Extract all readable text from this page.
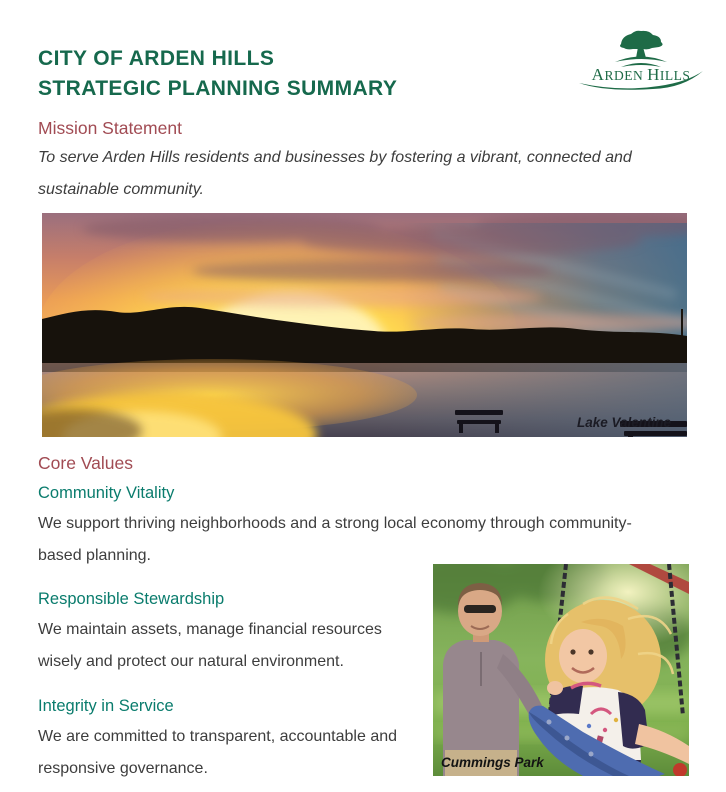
CITY OF ARDEN HILLS
STRATEGIC PLANNING SUMMARY
ARDEN HILLS
Mission Statement
To serve Arden Hills residents and businesses by fostering a vibrant, connected and sustainable community.
Lake Valentine
Core Values
Community Vitality
We support thriving neighborhoods and a strong local economy through community-based planning.
Responsible Stewardship
We maintain assets, manage financial resources wisely and protect our natural environment.
Integrity in Service
We are committed to transparent, accountable and responsive governance.	Cummings Park
